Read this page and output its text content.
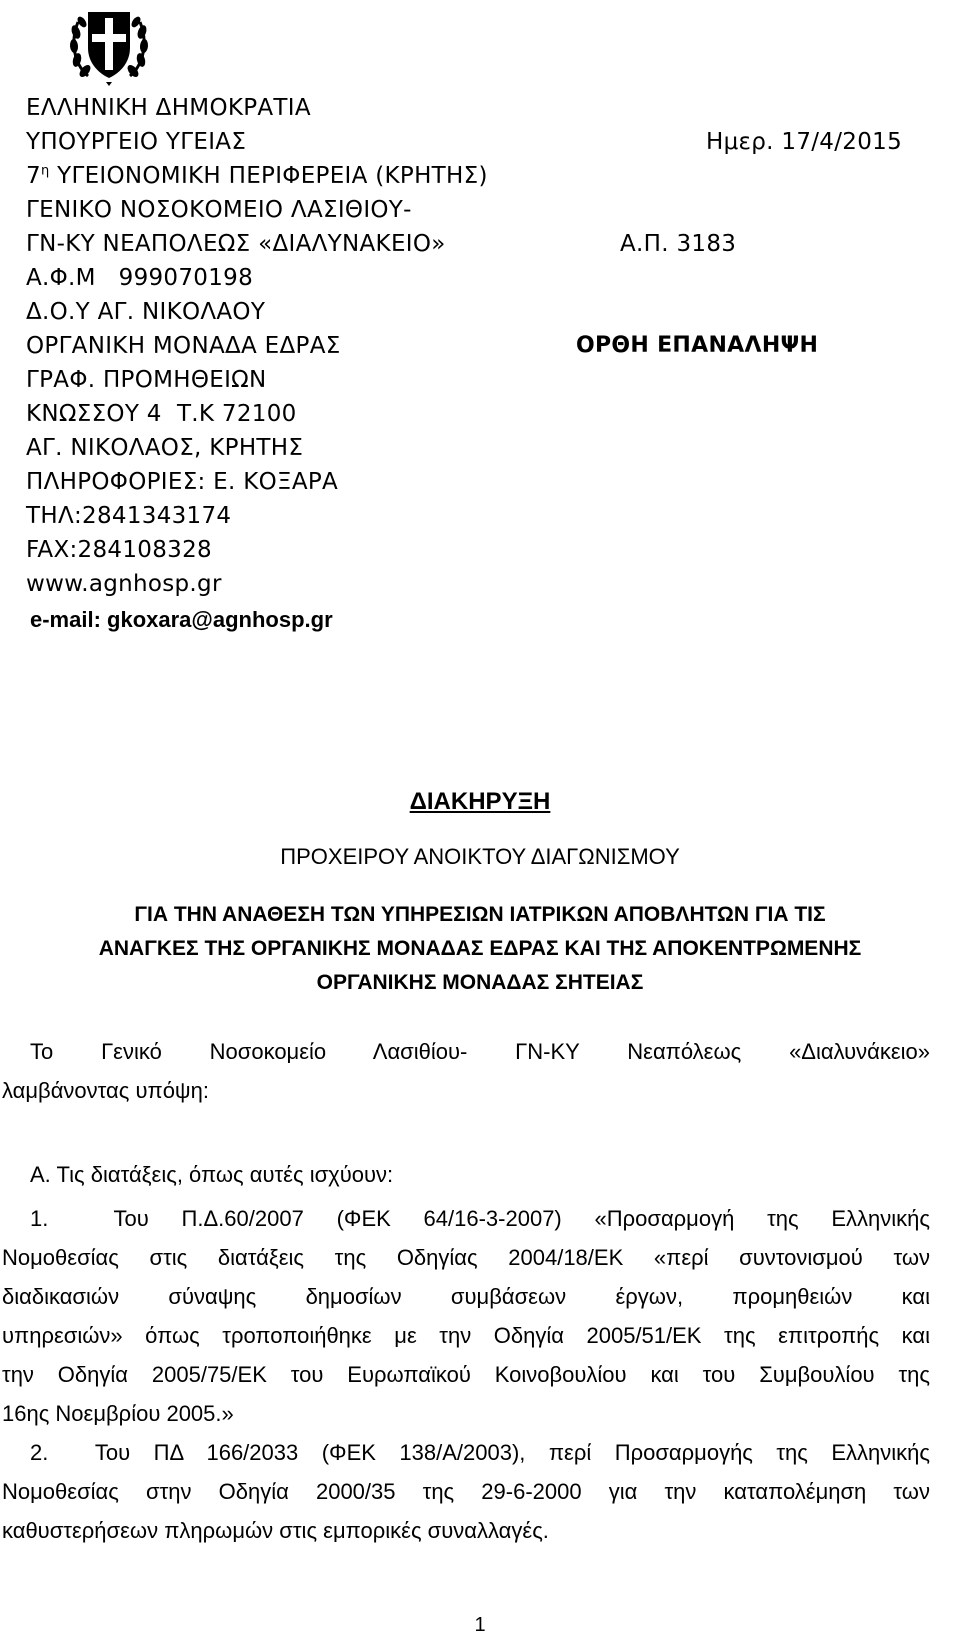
ΕΛΛΗΝΙΚΗ ΔΗΜΟΚΡΑΤΙΑ
ΥΠΟΥΡΓΕΙΟ ΥΓΕΙΑΣ
$7^\eta$ ΥΓΕΙΟΝΟΜΙΚΗ ΠΕΡΙΦΕΡΕΙΑ (ΚΡΗΤΗΣ)
ΓΕΝΙΚΟ ΝΟΣΟΚΟΜΕΙΟ ΛΑΣΙΘΙΟΥ-
ΓΝ-ΚΥ ΝΕΑΠΟΛΕΩΣ «ΔΙΑΛΥΝΑΚΕΙΟ»
Α.Φ.Μ   999070198
Δ.Ο.Υ ΑΓ. ΝΙΚΟΛΑΟΥ
ΟΡΓΑΝΙΚΗ ΜΟΝΑΔΑ ΕΔΡΑΣ
ΓΡΑΦ. ΠΡΟΜΗΘΕΙΩΝ
ΚΝΩΣΣΟΥ 4  Τ.Κ 72100
ΑΓ. ΝΙΚΟΛΑΟΣ, ΚΡΗΤΗΣ
ΠΛΗΡΟΦΟΡΙΕΣ: Ε. ΚΟΞΑΡΑ
ΤΗΛ:2841343174
FAX:284108328
www.agnhosp.gr
e-mail: gkoxara@agnhosp.gr
Ημερ. 17/4/2015
Α.Π. 3183
ΟΡΘΗ ΕΠΑΝΑΛΗΨΗ
ΔΙΑΚΗΡΥΞΗ
ΠΡΟΧΕΙΡΟΥ ΑΝΟΙΚΤΟΥ ΔΙΑΓΩΝΙΣΜΟΥ
ΓΙΑ ΤΗΝ ΑΝΑΘΕΣΗ ΤΩΝ ΥΠΗΡΕΣΙΩΝ ΙΑΤΡΙΚΩΝ ΑΠΟΒΛΗΤΩΝ ΓΙΑ ΤΙΣ
ΑΝΑΓΚΕΣ ΤΗΣ ΟΡΓΑΝΙΚΗΣ ΜΟΝΑΔΑΣ ΕΔΡΑΣ ΚΑΙ ΤΗΣ ΑΠΟΚΕΝΤΡΩΜΕΝΗΣ
ΟΡΓΑΝΙΚΗΣ ΜΟΝΑΔΑΣ ΣΗΤΕΙΑΣ
Το Γενικό Νοσοκομείο Λασιθίου- ΓΝ-ΚΥ Νεαπόλεως «Διαλυνάκειο»
λαμβάνοντας υπόψη:
Α. Τις διατάξεις, όπως αυτές ισχύουν:
1.  Του Π.Δ.60/2007 (ΦΕΚ 64/16-3-2007) «Προσαρμογή της Ελληνικής
Νομοθεσίας στις διατάξεις της Οδηγίας 2004/18/ΕΚ «περί συντονισμού των
διαδικασιών σύναψης δημοσίων συμβάσεων έργων, προμηθειών και
υπηρεσιών» όπως τροποποιήθηκε με την Οδηγία 2005/51/ΕΚ της επιτροπής και
την Οδηγία 2005/75/ΕΚ του Ευρωπαϊκού Κοινοβουλίου και του Συμβουλίου της
16ης Νοεμβρίου 2005.»
2.  Του ΠΔ 166/2033 (ΦΕΚ 138/Α/2003), περί Προσαρμογής της Ελληνικής
Νομοθεσίας στην Οδηγία 2000/35 της 29-6-2000 για την καταπολέμηση των
καθυστερήσεων πληρωμών στις εμπορικές συναλλαγές.
1
